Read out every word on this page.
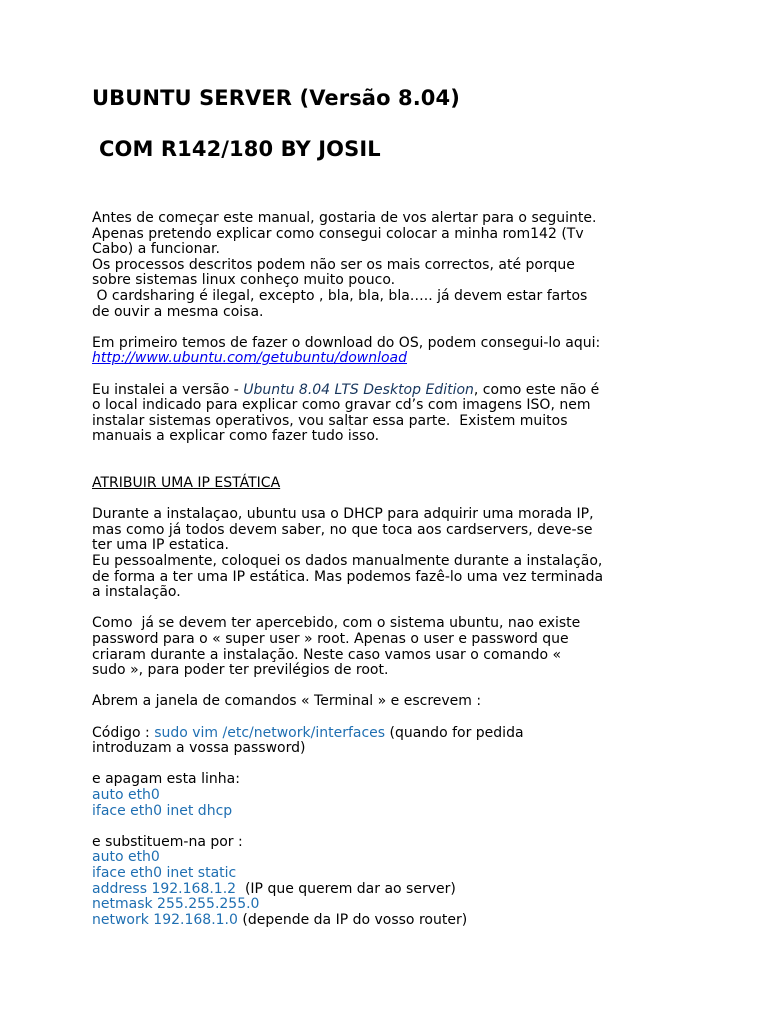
UBUNTU SERVER (Versão 8.04)
COM R142/180 BY JOSIL
Antes de começar este manual, gostaria de vos alertar para o seguinte.
Apenas pretendo explicar como consegui colocar a minha rom142 (Tv
Cabo) a funcionar.
Os processos descritos podem não ser os mais correctos, até porque
sobre sistemas linux conheço muito pouco.
O cardsharing é ilegal, excepto , bla, bla, bla….. já devem estar fartos
de ouvir a mesma coisa.
Em primeiro temos de fazer o download do OS, podem consegui-lo aqui:
http://www.ubuntu.com/getubuntu/download
Eu instalei a versão - Ubuntu 8.04 LTS Desktop Edition, como este não é
o local indicado para explicar como gravar cd’s com imagens ISO, nem
instalar sistemas operativos, vou saltar essa parte.  Existem muitos
manuais a explicar como fazer tudo isso.
ATRIBUIR UMA IP ESTÁTICA
Durante a instalaçao, ubuntu usa o DHCP para adquirir uma morada IP,
mas como já todos devem saber, no que toca aos cardservers, deve-se
ter uma IP estatica.
Eu pessoalmente, coloquei os dados manualmente durante a instalação,
de forma a ter uma IP estática. Mas podemos fazê-lo uma vez terminada
a instalação.
Como  já se devem ter apercebido, com o sistema ubuntu, nao existe
password para o « super user » root. Apenas o user e password que
criaram durante a instalação. Neste caso vamos usar o comando «
sudo », para poder ter previlégios de root.
Abrem a janela de comandos « Terminal » e escrevem :
Código : sudo vim /etc/network/interfaces (quando for pedida
introduzam a vossa password)
e apagam esta linha:
auto eth0
iface eth0 inet dhcp
e substituem-na por :
auto eth0
iface eth0 inet static
address 192.168.1.2  (IP que querem dar ao server)
netmask 255.255.255.0
network 192.168.1.0 (depende da IP do vosso router)
